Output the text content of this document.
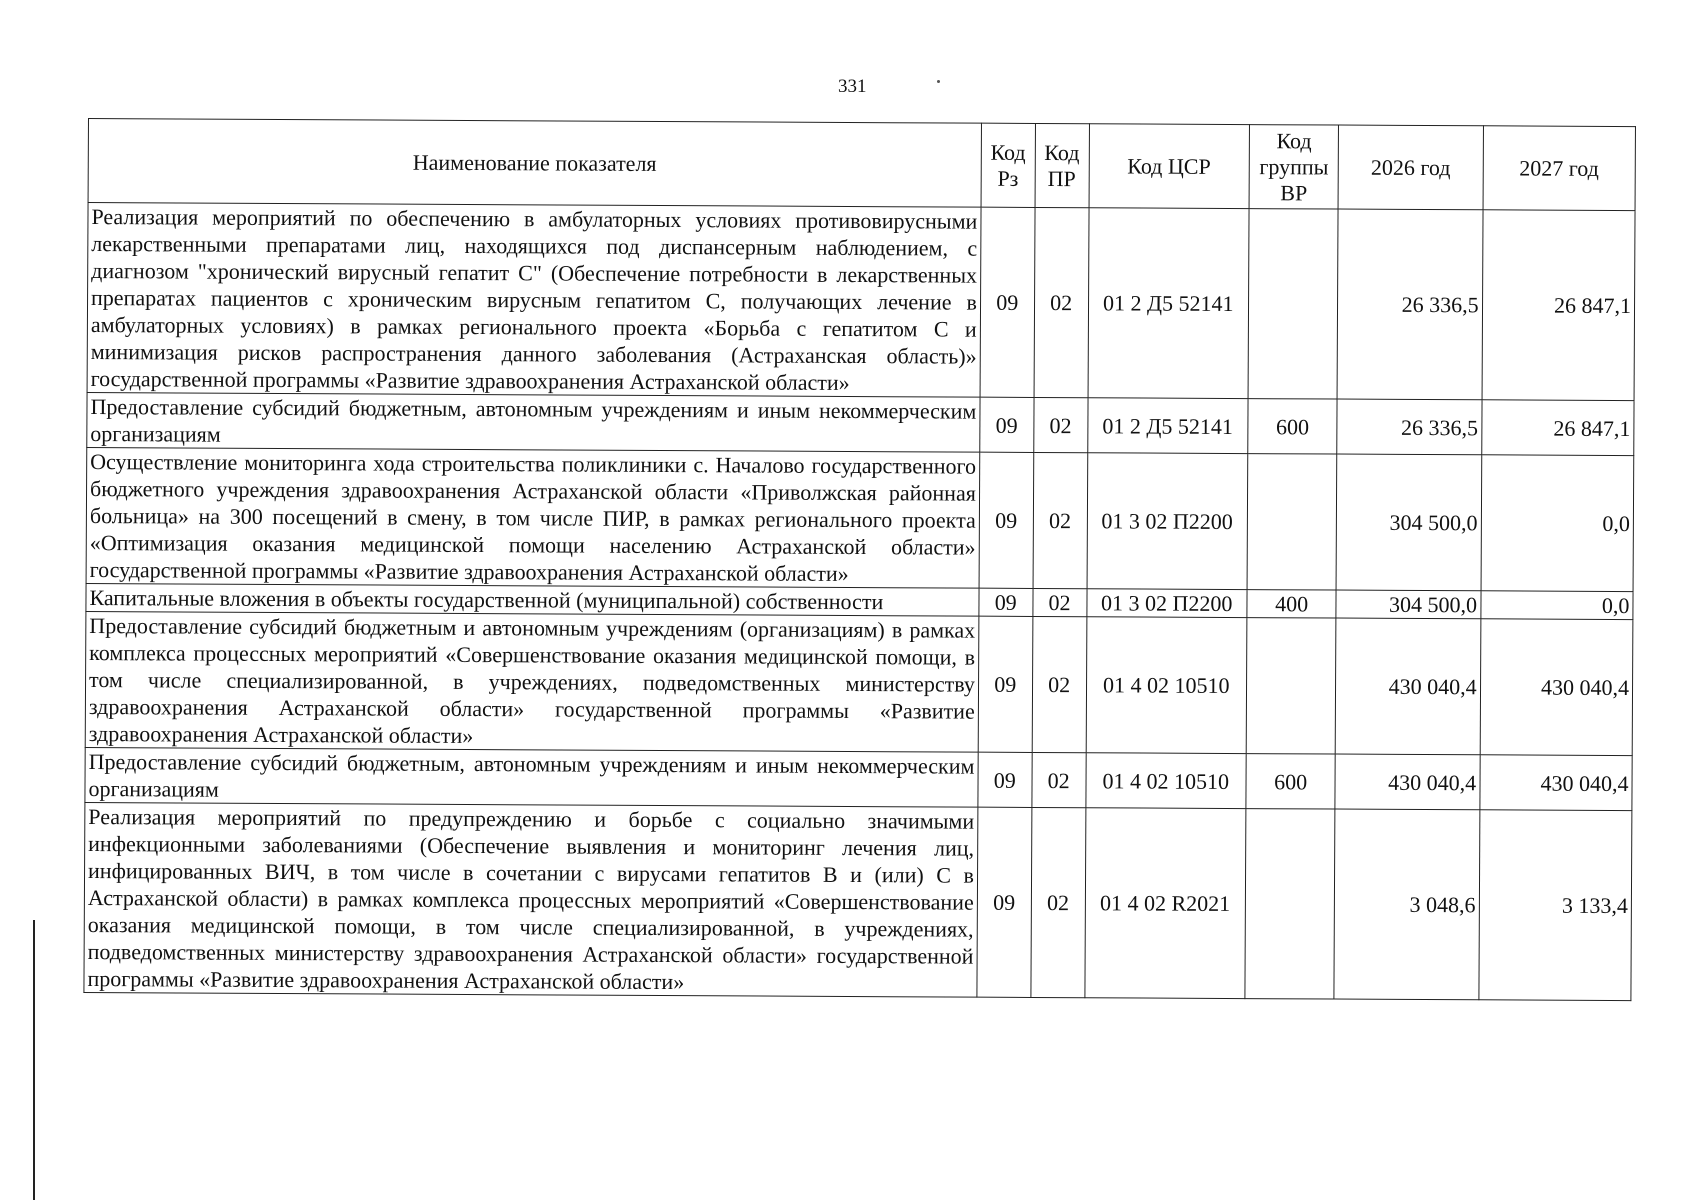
331
Наименование показателя	Код Рз	Код ПР	Код ЦСР	Код группы ВР	2026 год	2027 год
Реализация мероприятий по обеспечению в амбулаторных условиях противовирусными лекарственными препаратами лиц, находящихся под диспансерным наблюдением, с диагнозом "хронический вирусный гепатит С" (Обеспечение потребности в лекарственных препаратах пациентов с хроническим вирусным гепатитом С, получающих лечение в амбулаторных условиях) в рамках регионального проекта «Борьба с гепатитом С и минимизация рисков распространения данного заболевания (Астраханская область)» государственной программы «Развитие здравоохранения Астраханской области»	09	02	01 2 Д5 52141		26 336,5	26 847,1
Предоставление субсидий бюджетным, автономным учреждениям и иным некоммерческим организациям	09	02	01 2 Д5 52141	600	26 336,5	26 847,1
Осуществление мониторинга хода строительства поликлиники с. Началово государственного бюджетного учреждения здравоохранения Астраханской области «Приволжская районная больница» на 300 посещений в смену, в том числе ПИР, в рамках регионального проекта «Оптимизация оказания медицинской помощи населению Астраханской области» государственной программы «Развитие здравоохранения Астраханской области»	09	02	01 3 02 П2200		304 500,0	0,0
Капитальные вложения в объекты государственной (муниципальной) собственности	09	02	01 3 02 П2200	400	304 500,0	0,0
Предоставление субсидий бюджетным и автономным учреждениям (организациям) в рамках комплекса процессных мероприятий «Совершенствование оказания медицинской помощи, в том числе специализированной, в учреждениях, подведомственных министерству здравоохранения Астраханской области» государственной программы «Развитие здравоохранения Астраханской области»	09	02	01 4 02 10510		430 040,4	430 040,4
Предоставление субсидий бюджетным, автономным учреждениям и иным некоммерческим организациям	09	02	01 4 02 10510	600	430 040,4	430 040,4
Реализация мероприятий по предупреждению и борьбе с социально значимыми инфекционными заболеваниями (Обеспечение выявления и мониторинг лечения лиц, инфицированных ВИЧ, в том числе в сочетании с вирусами гепатитов В и (или) С в Астраханской области) в рамках комплекса процессных мероприятий «Совершенствование оказания медицинской помощи, в том числе специализированной, в учреждениях, подведомственных министерству здравоохранения Астраханской области» государственной программы «Развитие здравоохранения Астраханской области»	09	02	01 4 02 R2021		3 048,6	3 133,4
